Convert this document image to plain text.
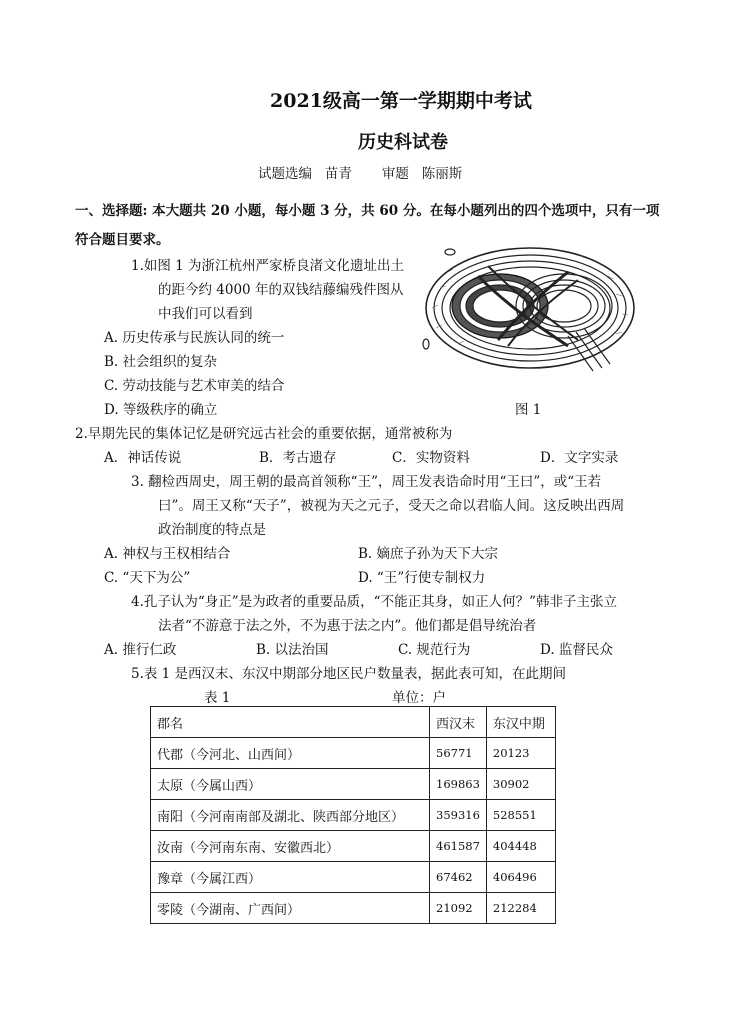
2021级高一第一学期期中考试
历史科试卷
试题选编   苗青       审题   陈丽斯
一、选择题: 本大题共 20 小题，每小题 3 分，共 60 分。在每小题列出的四个选项中，只有一项
符合题目要求。
1.如图 1 为浙江杭州严家桥良渚文化遗址出土
的距今约 4000 年的双钱结藤编残件图从
中我们可以看到
A. 历史传承与民族认同的统一
B. 社会组织的复杂
C. 劳动技能与艺术审美的结合
D. 等级秩序的确立	图 1
2.早期先民的集体记忆是研究远古社会的重要依据，通常被称为
A．神话传说	B．考古遗存	C．实物资料	D．文字实录
3. 翻检西周史，周王朝的最高首领称“王”，周王发表诰命时用“王曰”，或“王若
曰”。周王又称“天子”，被视为天之元子，受天之命以君临人间。这反映出西周
政治制度的特点是
A. 神权与王权相结合	B. 嫡庶子孙为天下大宗
C. “天下为公”	D. “王”行使专制权力
4.孔子认为“身正”是为政者的重要品质，“不能正其身，如正人何？”韩非子主张立
法者“不游意于法之外，不为惠于法之内”。他们都是倡导统治者
A. 推行仁政	B. 以法治国	C. 规范行为	D. 监督民众
5.表 1 是西汉末、东汉中期部分地区民户数量表，据此表可知，在此期间
表 1	单位：户
郡名	西汉末	东汉中期
代郡（今河北、山西间）	56771	20123
太原（今属山西）	169863	30902
南阳（今河南南部及湖北、陕西部分地区）	359316	528551
汝南（今河南东南、安徽西北）	461587	404448
豫章（今属江西）	67462	406496
零陵（今湖南、广西间）	21092	212284
